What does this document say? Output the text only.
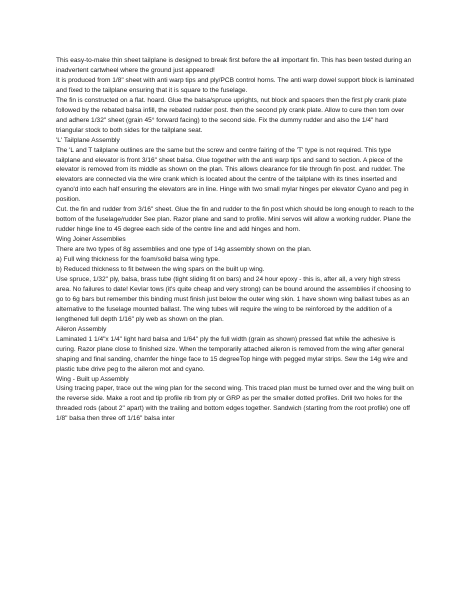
This easy-to-make thin sheet tailplane is designed to break first before the all important fin. This has been tested during an inadvertent cartwheel where the ground just appeared!

It is produced from 1/8" sheet with anti warp tips and ply/PCB control horns. The anti warp dowel support block is laminated and fixed to the tailplane ensuring that it is square to the fuselage.

The fin is constructed on a flat. hoard. Glue the balsa/spruce uprights, nut block and spacers then the first ply crank plate followed by the rebated balsa infill, the rebated rudder post. then the second ply crank plate. Allow to cure then tom over and adhere 1/32" sheet (grain 45° forward facing) to the second side. Fix the dummy rudder and also the 1/4" hard triangular stock to both sides for the tailplane seat.

'L' Tailplane Assembly

The 'L and T tailplane outlines are the same but the screw and centre fairing of the 'T' type is not required. This type tailplane and elevator is front 3/16" sheet balsa. Glue together with the anti warp tips and sand to section. A piece of the elevator is removed from its middle as shown on the plan. This allows clearance for tile through fin post. and rudder. The elevators are connected via the wire crank which is located about the centre of the tailplane with its tines inserted and cyano'd into each half ensuring the elevators are in line. Hinge with two small mylar hinges per elevator Cyano and peg in position.

Cut. the fin and rudder from 3/16" sheet. Glue the fin and rudder to the fin post which should be long enough to reach to the bottom of the fuselage/rudder See plan. Razor plane and sand to profile. Mini servos will allow a working rudder. Plane the rudder hinge line to 45 degree each side of the centre line and add hinges and horn.

Wing Joiner Assemblies

There are two types of 8g assemblies and one type of 14g assembly shown on the plan.

a) Full wing thickness for the foam/solid balsa wing type.

b) Reduced thickness to fit between the wing spars on the built up wing.

Use spruce, 1/32" ply, balsa, brass tube (tight sliding fit on bars) and 24 hour epoxy - this is, after all, a very high stress area. No failures to date! Kevlar tows (it's quite cheap and very strong) can be bound around the assemblies if choosing to go to 6g bars but remember this binding must finish just below the outer wing skin. 1 have shown wing ballast tubes as an alternative to the fuselage mounted ballast. The wing tubes will require the wing to be reinforced by the addition of a lengthened full depth 1/16" ply web as shown on the plan.

Aileron Assembly

Laminated 1 1/4"x 1/4" light hard balsa and 1/64" ply the full width (grain as shown) pressed flat while the adhesive is curing. Razor plane close to finished size. When the temporarily attached aileron is removed from the wing after general shaping and final sanding, chamfer the hinge face to 15 degreeTop hinge with pegged mylar strips. Sew the 14g wire and plastic tube drive peg to the aileron mot and cyano.

Wing - Built up Assembly

Using tracing paper, trace out the wing plan for the second wing. This traced plan must be turned over and the wing built on the reverse side. Make a root and tip profile rib from ply or GRP as per the smaller dotted profiles. Drill two holes for the threaded rods (about 2" apart) with the trailing and bottom edges together. Sandwich (starting from the root profile) one off 1/8" balsa then three off 1/16" balsa inter
